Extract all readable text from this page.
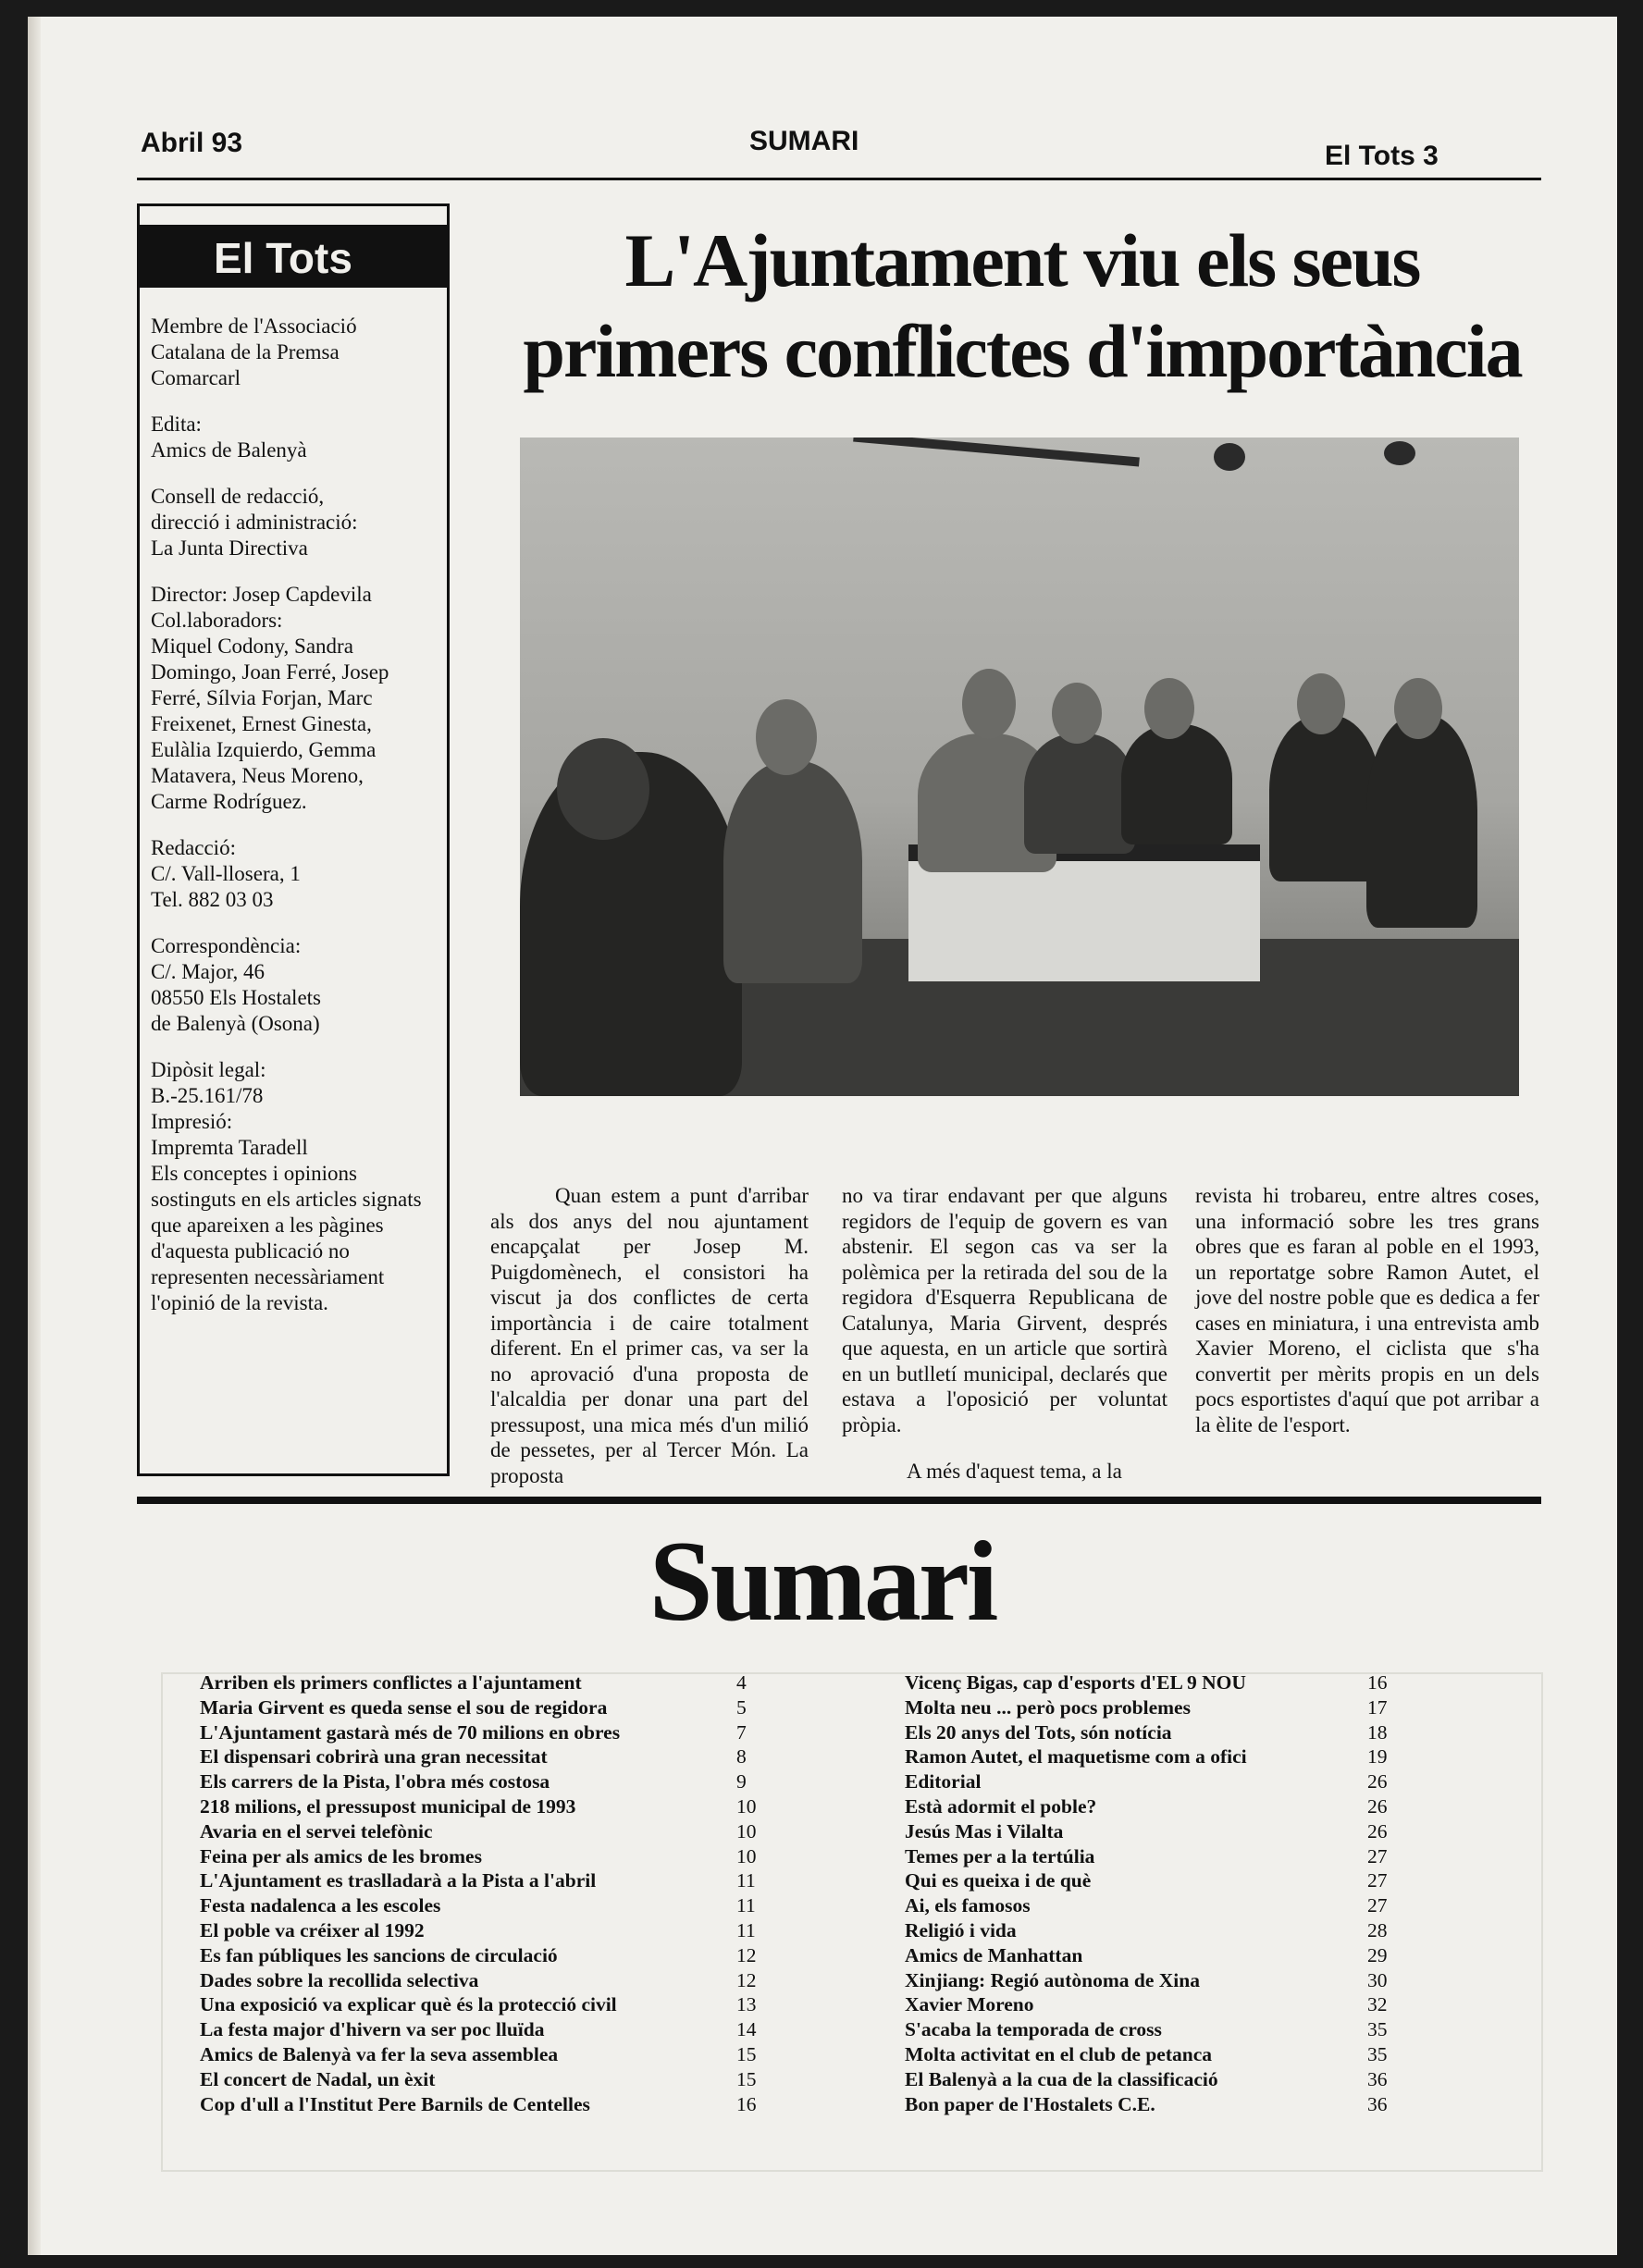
Abril 93	SUMARI	El Tots 3
El Tots

Membre de l'Associació
Catalana de la Premsa
Comarcarl

Edita:
Amics de Balenyà

Consell de redacció,
direcció i administració:
La Junta Directiva

Director: Josep Capdevila
Col.laboradors:
Miquel Codony, Sandra
Domingo, Joan Ferré, Josep
Ferré, Sílvia Forjan, Marc
Freixenet, Ernest Ginesta,
Eulàlia Izquierdo, Gemma
Matavera, Neus Moreno,
Carme Rodríguez.

Redacció:
C/. Vall-llosera, 1
Tel. 882 03 03

Correspondència:
C/. Major, 46
08550 Els Hostalets
de Balenyà (Osona)

Dipòsit legal:
B.-25.161/78
Impresió:
Impremta Taradell
Els conceptes i opinions
sostinguts en els articles signats
que apareixen a les pàgines
d'aquesta publicació no
representen necessàriament
l'opinió de la revista.

L'Ajuntament viu els seus
primers conflictes d'importància

Quan estem a punt d'arribar als dos anys del nou ajuntament encapçalat per Josep M. Puigdomènech, el consistori ha viscut ja dos conflictes de certa importància i de caire totalment diferent. En el primer cas, va ser la no aprovació d'una proposta de l'alcaldia per donar una part del pressupost, una mica més d'un milió de pessetes, per al Tercer Món. La proposta

no va tirar endavant per que alguns regidors de l'equip de govern es van abstenir. El segon cas va ser la polèmica per la retirada del sou de la regidora d'Esquerra Republicana de Catalunya, Maria Girvent, després que aquesta, en un article que sortirà en un butlletí municipal, declarés que estava a l'oposició per voluntat pròpia.

A més d'aquest tema, a la

revista hi trobareu, entre altres coses, una informació sobre les tres grans obres que es faran al poble en el 1993, un reportatge sobre Ramon Autet, el jove del nostre poble que es dedica a fer cases en miniatura, i una entrevista amb Xavier Moreno, el ciclista que s'ha convertit per mèrits propis en un dels pocs esportistes d'aquí que pot arribar a la èlite de l'esport.

Sumari
Arriben els primers conflictes a l'ajuntament	4
Maria Girvent es queda sense el sou de regidora	5
L'Ajuntament gastarà més de 70 milions en obres	7
El dispensari cobrirà una gran necessitat	8
Els carrers de la Pista, l'obra més costosa	9
218 milions, el pressupost municipal de 1993	10
Avaria en el servei telefònic	10
Feina per als amics de les bromes	10
L'Ajuntament es traslladarà a la Pista a l'abril	11
Festa nadalenca a les escoles	11
El poble va créixer al 1992	11
Es fan públiques les sancions de circulació	12
Dades sobre la recollida selectiva	12
Una exposició va explicar què és la protecció civil	13
La festa major d'hivern va ser poc lluïda	14
Amics de Balenyà va fer la seva assemblea	15
El concert de Nadal, un èxit	15
Cop d'ull a l'Institut Pere Barnils de Centelles	16
Vicenç Bigas, cap d'esports d'EL 9 NOU	16
Molta neu ... però pocs problemes	17
Els 20 anys del Tots, són notícia	18
Ramon Autet, el maquetisme com a ofici	19
Editorial	26
Està adormit el poble?	26
Jesús Mas i Vilalta	26
Temes per a la tertúlia	27
Qui es queixa i de què	27
Ai, els famosos	27
Religió i vida	28
Amics de Manhattan	29
Xinjiang: Regió autònoma de Xina	30
Xavier Moreno	32
S'acaba la temporada de cross	35
Molta activitat en el club de petanca	35
El Balenyà a la cua de la classificació	36
Bon paper de l'Hostalets C.E.	36
